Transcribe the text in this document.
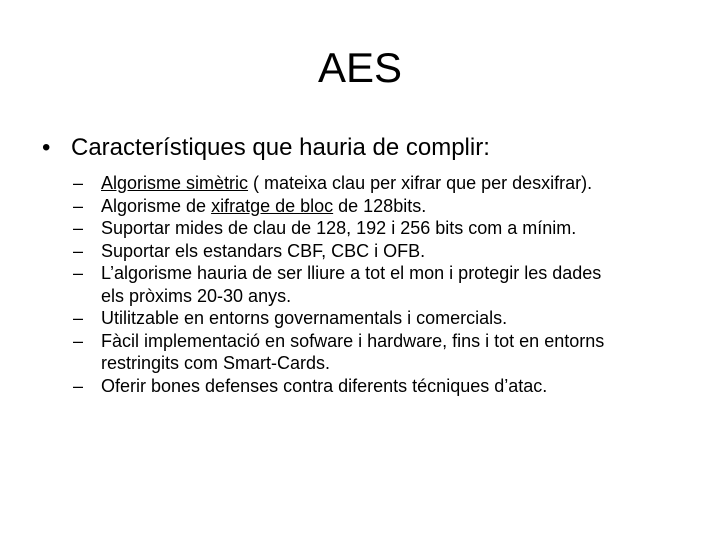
AES
• Característiques que hauria de complir:
– Algorisme simètric ( mateixa clau per xifrar que per desxifrar).
– Algorisme de xifratge de bloc de 128bits.
– Suportar mides de clau de 128, 192 i 256 bits com a mínim.
– Suportar els estandars CBF, CBC i OFB.
– L’algorisme hauria de ser lliure a tot el mon i protegir les dades
els pròxims 20-30 anys.
– Utilitzable en entorns governamentals i comercials.
– Fàcil implementació en sofware i hardware, fins i tot en entorns
restringits com Smart-Cards.
– Oferir bones defenses contra diferents técniques d’atac.
